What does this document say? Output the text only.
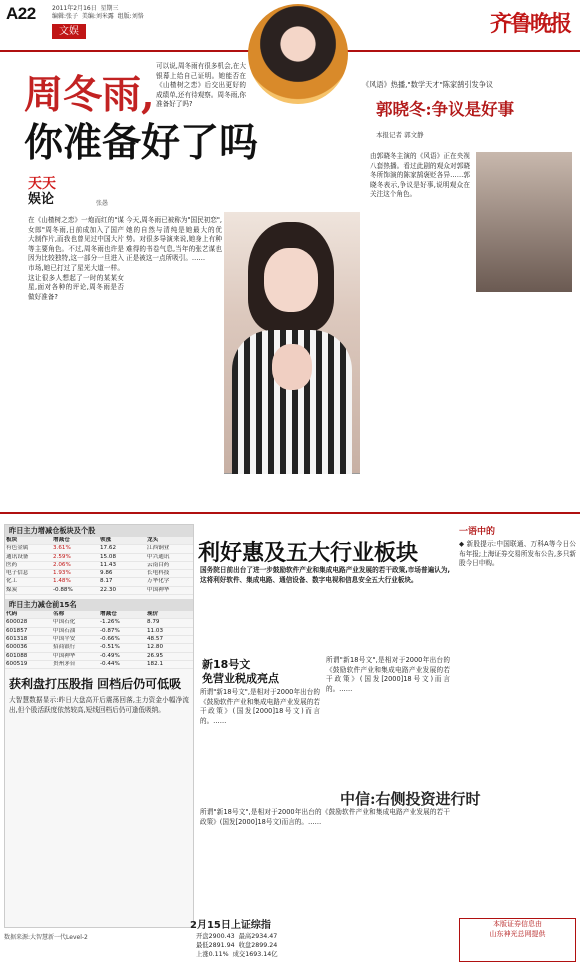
A22	2011年2月16日  星期三
编辑:张子  美编:刘米露  组版:刘恪
文娱	齐鲁晚报
周冬雨,
你准备好了吗
天天
娱论	张愚
在《山楂树之恋》一炮而红的"谋女郎"周冬雨,日前成加入了国产大制作片,而我也曾见过中国大片等主要角色。不过,周冬雨也许是因为比较独特,这一部分一旦进入市场,她已打过了星光大道一样。这让很多人想起了一时的某某女星,面对各种的评论,周冬雨是否做好准备?
今天,周冬雨已被称为"国民初恋",她的自然与清纯是她最大的优势。对很多导演来说,她身上有种难得的书卷气息,当年的张艺谋也正是被这一点所吸引。……
可以说,周冬雨有很多机会,在大银幕上给自己证明。她能否在《山楂树之恋》后交出更好的成绩单,还有待观察。周冬雨,你准备好了吗?
《风语》热播,"数学天才"陈家鹄引发争议
郭晓冬:争议是好事
本报记者 郭文静
由郭晓冬主演的《风语》正在央视八套热播。看过此剧的观众对郭晓冬所饰演的陈家鹄褒贬各异……郭晓冬表示,争议是好事,说明观众在关注这个角色。
昨日主力增减仓板块及个股
板块	增减仓	领涨	龙头
有色金属	3.61%	17.62	江西铜业
通讯设备	2.59%	15.08	中兴通讯
医药	2.06%	11.43	云南白药
电子信息	1.93%	9.86	长电科技
化工	1.48%	8.17	万华化学
煤炭	-0.88%	22.30	中国神华
昨日主力减仓前15名
代码	名称	增减仓	现价
600028	中国石化	-1.26%	8.79
601857	中国石油	-0.87%	11.03
601318	中国平安	-0.66%	48.57
600036	招商银行	-0.51%	12.80
601088	中国神华	-0.49%	26.95
600519	贵州茅台	-0.44%	182.1
获利盘打压股指 回档后仍可低吸
大智慧数据显示:昨日大盘高开后震荡回落,主力资金小幅净流出,但个股活跃度依然较高,短线回档后仍可逢低吸纳。
数据来源:大智慧新一代Level-2
利好惠及五大行业板块
国务院日前出台了进一步鼓励软件产业和集成电路产业发展的若干政策,市场普遍认为,这将利好软件、集成电路、通信设备、数字电视和信息安全五大行业板块。
新18号文
免营业税成亮点
所谓"新18号文",是相对于2000年出台的《鼓励软件产业和集成电路产业发展的若干政策》(国发[2000]18号文)而言的。……
所谓"新18号文",是相对于2000年出台的《鼓励软件产业和集成电路产业发展的若干政策》(国发[2000]18号文)而言的。……
中信:右侧投资进行时
所谓"新18号文",是相对于2000年出台的《鼓励软件产业和集成电路产业发展的若干政策》(国发[2000]18号文)而言的。……
2月15日上证综指
开盘2900.43  最高2934.47
最低2891.94  收盘2899.24
上涨0.11%  成交1693.14亿
一语中的
◆ 新股提示:中国联通、万科A等今日公布年报;上海证券交易所发布公告,多只新股今日申购。
本版证券信息由
山东神光总网提供
